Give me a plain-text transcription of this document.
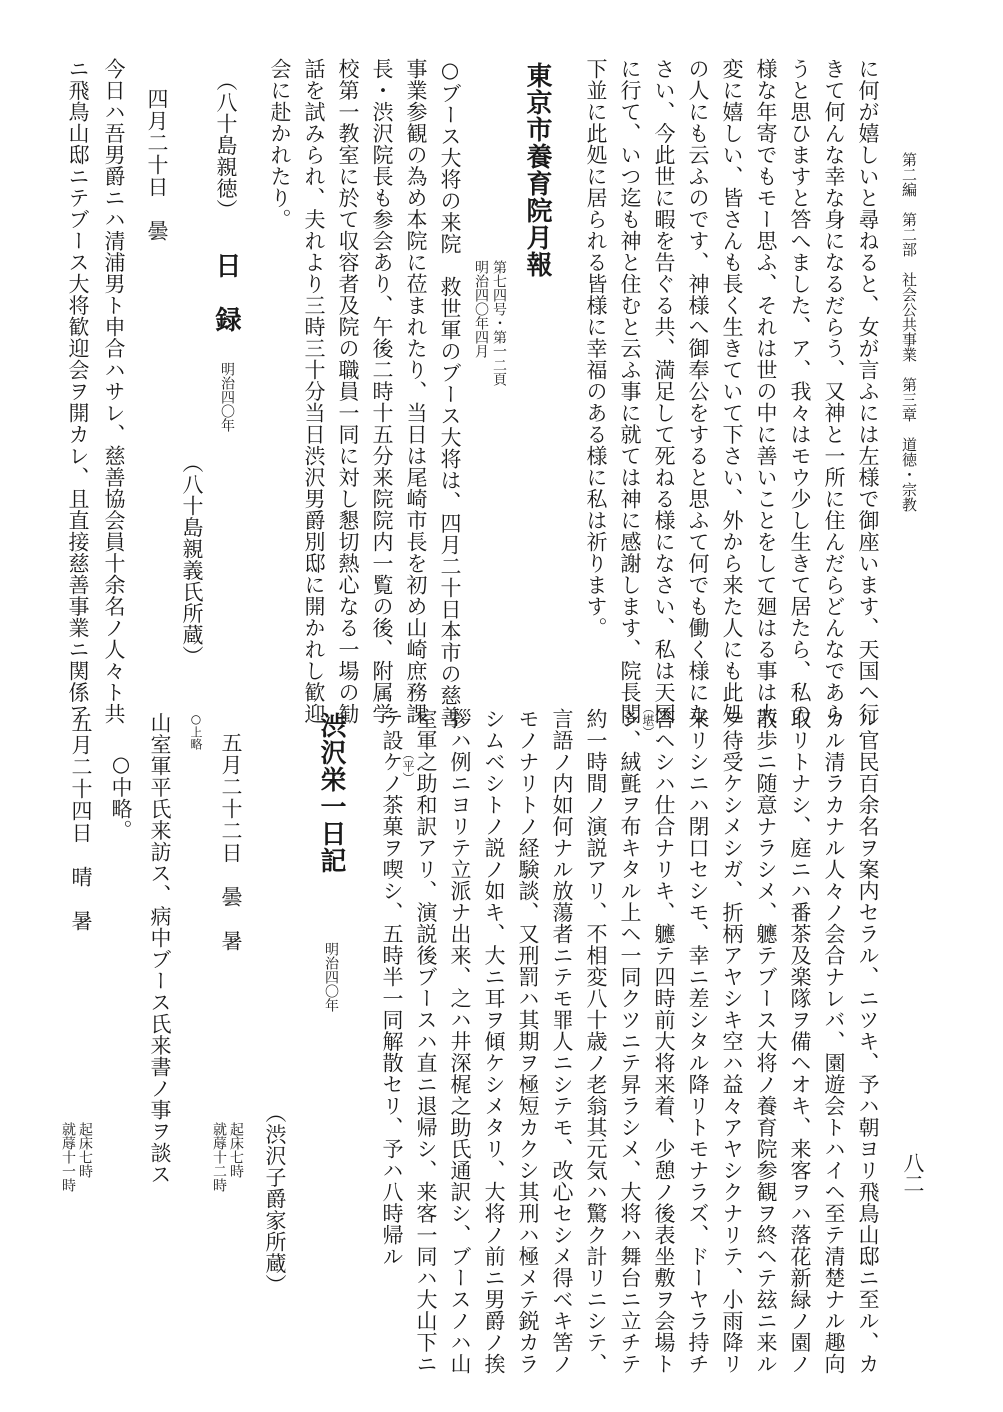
第二編　第二部　社会公共事業　第三章　道徳・宗教
八二
に何が嬉しいと尋ねると、女が言ふには左様で御座います、天国へ行
きて何んな幸な身になるだらう、又神と一所に住んだらどんなであら
うと思ひますと答へました、ア、我々はモウ少し生きて居たら、私の
様な年寄でもモー思ふ、それは世の中に善いことをして廻はる事は大
変に嬉しい、皆さんも長く生きていて下さい、外から来た人にも此処
の人にも云ふのです、神様へ御奉公をすると思ふて何でも働く様にな
さい、今此世に暇を告ぐる共、満足して死ねる様になさい、私は天国
に行て、いつ迄も神と住むと云ふ事に就ては神に感謝します、院長閣
下並に此処に居られる皆様に幸福のある様に私は祈ります。
東京市養育院月報
第七四号・第一二頁
明治四〇年四月
○ブース大将の来院　救世軍のブース大将は、四月二十日本市の慈善
事業参観の為め本院に莅まれたり、当日は尾崎市長を初め山崎庶務課
長・渋沢院長も参会あり、午後二時十五分来院院内一覧の後、附属学
校第一教室に於て収容者及院の職員一同に対し懇切熱心なる一場の勧
話を試みられ、夫れより三時三十分当日渋沢男爵別邸に開かれし歓迎
会に赴かれたり。
（八十島親徳）
日　録
明治四〇年
（八十島親義氏所蔵）
四月二十日　曇
今日ハ吾男爵ニハ清浦男ト申合ハサレ、慈善協会員十余名ノ人々ト共
ニ飛鳥山邸ニテブース大将歓迎会ヲ開カレ、且直接慈善事業ニ関係ア
ル官民百余名ヲ案内セラル、ニツキ、予ハ朝ヨリ飛鳥山邸ニ至ル、カ
カル清ラカナル人々ノ会合ナレバ、園遊会トハイヘ至テ清楚ナル趣向
取リトナシ、庭ニハ番茶及楽隊ヲ備ヘオキ、来客ヲハ落花新緑ノ園ノ
散歩ニ随意ナラシメ、軈テブース大将ノ養育院参観ヲ終ヘテ玆ニ来ル
ヲ待受ケシメシガ、折柄アヤシキ空ハ益々アヤシクナリテ、小雨降リ
来リシニハ閉口セシモ、幸ニ差シタル降リトモナラズ、ドーヤラ持チ
答ヘシハ仕合ナリキ、軈テ四時前大将来着、少憩ノ後表坐敷ヲ会場ト
シ、絨氈ヲ布キタル上ヘ一同クツニテ昇ラシメ、大将ハ舞台ニ立チテ
約一時間ノ演説アリ、不相変八十歳ノ老翁其元気ハ驚ク計リニシテ、
言語ノ内如何ナル放蕩者ニテモ罪人ニシテモ、改心セシメ得ベキ筈ノ
モノナリトノ経験談、又刑罰ハ其期ヲ極短カクシ其刑ハ極メテ鋭カラ
シムベシトノ説ノ如キ、大ニ耳ヲ傾ケシメタリ、大将ノ前ニ男爵ノ挨
拶ハ例ニヨリテ立派ナ出来、之ハ井深梶之助氏通訳シ、ブースノハ山
室軍之助和訳アリ、演説後ブースハ直ニ退帰シ、来客一同ハ大山下ニ
テ設ケノ茶菓ヲ喫シ、五時半一同解散セリ、予ハ八時帰ル	（堪）
（平）
渋沢栄一日記
明治四〇年
（渋沢子爵家所蔵）
五月二十二日　曇　暑
起床七時
就蓐十二時
○上略
山室軍平氏来訪ス、病中ブース氏来書ノ事ヲ談ス
○中略。
五月二十四日　晴　暑
起床七時
就蓐十一時
